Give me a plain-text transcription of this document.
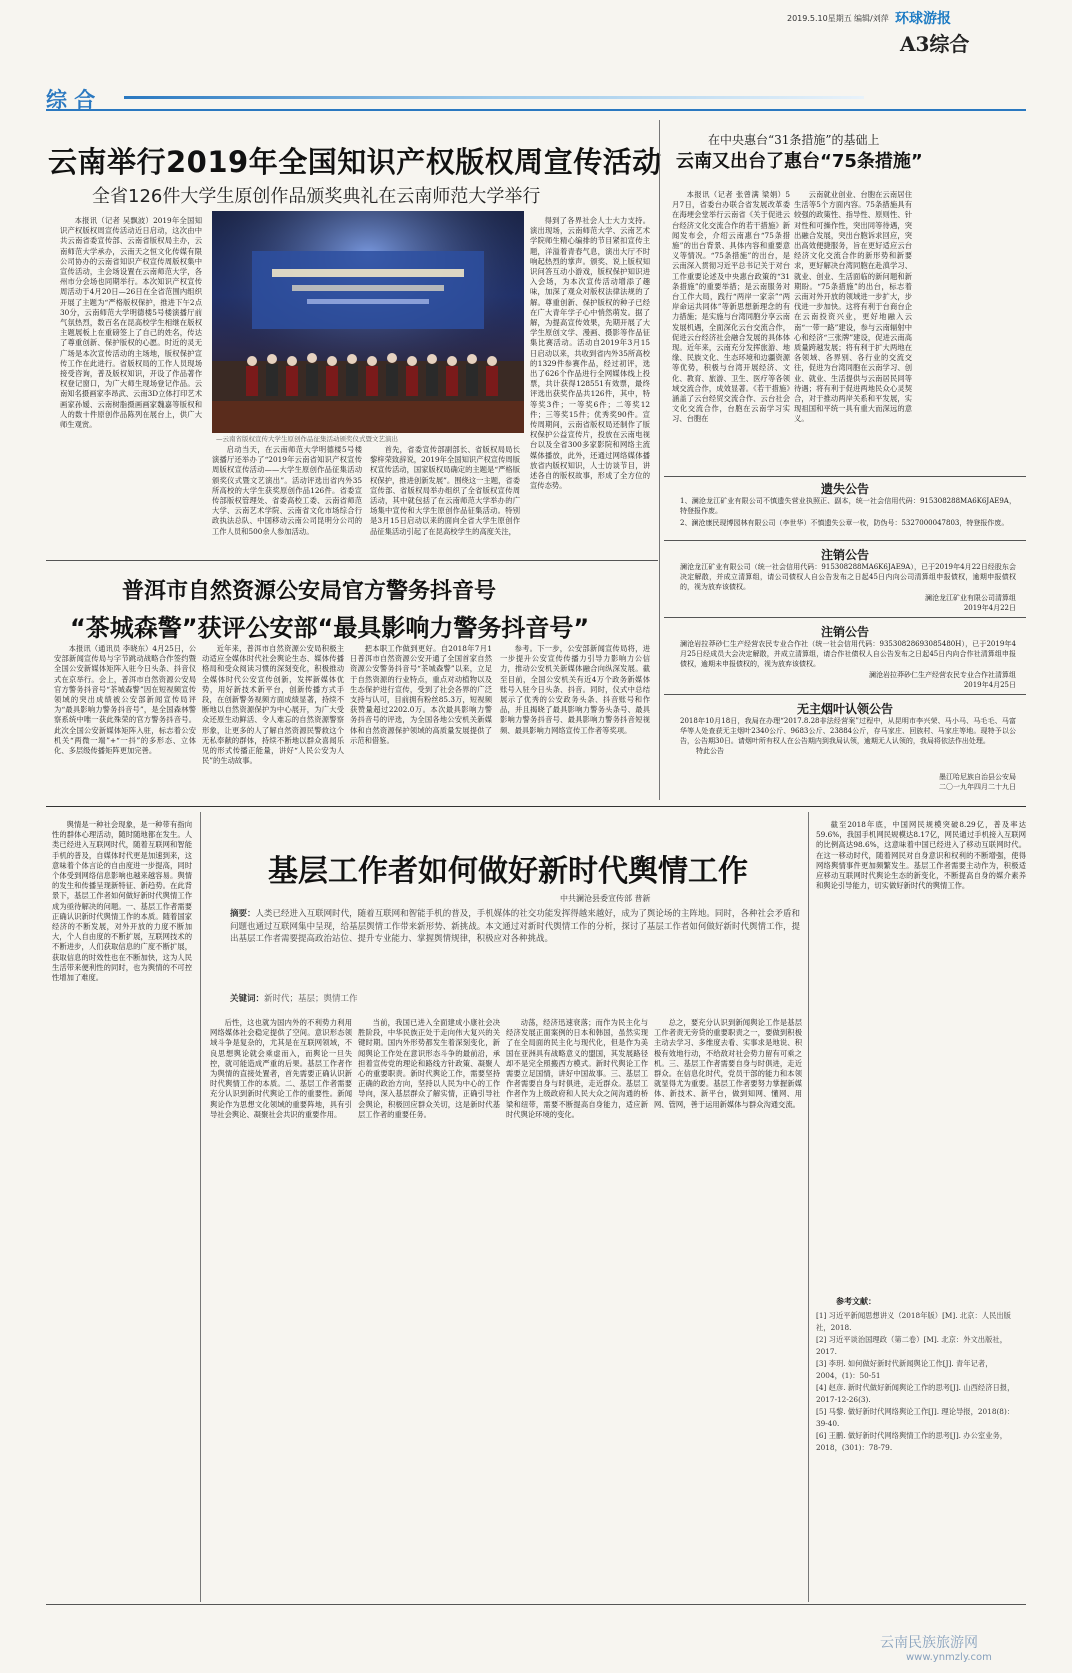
2019.5.10星期五 编辑/刘萍 环球游报
综 合
A3综合
云南举行2019年全国知识产权版权周宣传活动
全省126件大学生原创作品颁奖典礼在云南师范大学举行

本报讯（记者 吴飘波）2019年全国知识产权版权周宣传活动近日启动，这次由中共云南省委宣传部、云南省版权局主办，云南师范大学承办，云南天之恒文化传媒有限公司协办的云南省知识产权宣传周版权集中宣传活动，主会场设置在云南师范大学，各州市分会场也同期举行。本次知识产权宣传周活动于4月20日—26日在全省范围内组织开展了主题为“严格版权保护，推进下午2点30分，云南师范大学明德楼5号楼演播厅前气氛热烈，数百名在昆高校学生相继在版权主题展板上在重磅签上了自己的姓名，传达了尊重创新、保护版权的心愿。时近的灵无广场是本次宣传活动的主场地，版权保护宣传工作在此进行。省版权局的工作人员现场接受咨询，普及版权知识，开设了作品著作权登记窗口，为广大师生现场登记作品。云南知名摄画家李昂武、云南3D立体打印艺术画家孙嫒、云南树脂摄画画家魏嘉等版权和人的数十件原创作品陈列在展台上，供广大师生观赏。

—云南省版权宣传大学生原创作品征集活动颁奖仪式暨文艺演出

启动当天，在云南师范大学明德楼5号楼演播厅还举办了“2019年云南省知识产权宣传周版权宣传活动——大学生原创作品征集活动颁奖仪式暨文艺演出”。活动评选出省内外35所高校的大学生获奖原创作品126件。省委宣传部版权管理处、省委高校工委、云南省师范大学、云南艺术学院、云南省文化市场综合行政执法总队、中国移动云南公司昆明分公司的工作人员和500余人参加活动。

首先，省委宣传部副部长、省版权局局长黎梓荣致辞说，2019年全国知识产权宣传周版权宣传活动，国家版权局确定的主题是“严格版权保护，推进创新发展”。围绕这一主题，省委宣传部、省版权局举办组织了全省版权宣传周活动，其中就包括了在云南师范大学举办的广场集中宣传和大学生原创作品征集活动。特别是3月15日启动以来的面向全省大学生原创作品征集活动引起了在昆高校学生的高度关注，

得到了各界社会人士大力支持。演出现场，云南师范大学、云南艺术学院师生精心编排的节目紧扣宣传主题，洋溢着青春气息，演出大厅不时响起热烈的掌声。颁奖、说上版权知识问答互动小游戏，版权保护知识进入会场，为本次宣传活动增添了趣味，加深了观众对版权法律法规的了解。尊重创新、保护版权的种子已经在广大青年学子心中悄然萌发。据了解，为提高宣传效果，先期开展了大学生原创文学、漫画、摄影等作品征集比赛活动。活动自2019年3月15日启动以来，共收到省内外35所高校的1329件参赛作品，经过初评，选出了626个作品进行全网媒体线上投票，共计获得128551有效票，最终评选出获奖作品共126件，其中，特等奖3件；一等奖6件；二等奖12件；三等奖15件；优秀奖90件。宣传周期间，云南省版权局还制作了版权保护公益宣传片，投放在云南电视台以及全省300多家影院和网络主流媒体播放，此外，还通过网络媒体播放省内版权知识，人士访谈节目，讲述各自的版权故事，形成了全方位的宣传态势。

在中央惠台“31条措施”的基础上
云南又出台了惠台“75条措施”

本报讯（记者 张曾满 梁娟）5月7日，省委台办联合省发展改革委在海埂会堂举行云南省《关于促进云台经济文化交流合作的若干措施》新闻发布会，介绍云南惠台“75条措施”的出台背景、具体内容和重要意义等情况。“75条措施”的出台，是云南深入贯彻习近平总书记关于对台工作重要论述及中央惠台政策的“31条措施”的重要举措；是云南服务对台工作大局，践行“两岸一家亲”“两岸命运共同体”等新思想新理念的有力措施；是实施与台湾同胞分享云南发展机遇，全面深化云台交流合作，促进云台经济社会融合发展的具体体现。近年来，云南充分发挥旅游、地缘、民族文化、生态环境和边疆资源等优势，积极与台湾开展经济、文化、教育、旅游、卫生、医疗等各领域交流合作，成效显著。《若干措施》涵盖了云台经贸交流合作、云台社会文化交流合作，台胞在云南学习实习、台胞在

云南就业创业、台胞在云南居住生活等5个方面内容。75条措施具有较强的政策性、指导性、原则性、针对性和可操作性，突出同等待遇，突出融合发展，突出台胞诉求回应，突出高效便捷服务，旨在更好适应云台经济文化交流合作的新形势和新要求，更好解决台湾同胞在赴滇学习、就业、创业、生活面临的新问题和新期盼。“75条措施”的出台，标志着云南对外开放的领域进一步扩大，步伐进一步加快。这将有利于台商台企在云南投资兴业，更好地融入云南“一带一路”建设，参与云南辐射中心和经济“三张牌”建设，促进云南高质量跨越发展；将有利于扩大两地在各领域、各界别、各行业的交流交往，促进为台湾同胞在云南学习、创业、就业、生活提供与云南居民同等待遇；将有利于促进两地民众心灵契合，对于推动两岸关系和平发展，实现祖国和平统一具有重大而深远的意义。

遗失公告
1、澜沧龙江矿业有限公司不慎遗失营业执照正、副本，统一社会信用代码：915308288MA6K6JAE9A，特登报作废。
2、澜沧康民现博园林有限公司（李世华）不慎遗失公章一枚，防伪号：5327000047803，特登报作废。
注销公告
澜沧龙江矿业有限公司（统一社会信用代码：915308288MA6K6JAE9A），已于2019年4月22日经股东会决定解散，并成立清算组，请公司债权人自公告发布之日起45日内向公司清算组申报债权，逾期申报债权的，视为放弃该债权。
澜沧龙江矿业有限公司清算组
2019年4月22日
注销公告
澜沧岩拉莽砂仁生产经营农民专业合作社（统一社会信用代码：93530828693085480H），已于2019年4月25日经成员大会决定解散，并成立清算组，请合作社债权人自公告发布之日起45日内向合作社清算组申报债权，逾期未申报债权的，视为放弃该债权。
澜沧岩拉莽砂仁生产经营农民专业合作社清算组
2019年4月25日
无主烟叶认领公告
2018年10月18日，我局在办理“2017.8.28非法经营案”过程中，从昆明市李兴荣、马小马、马毛毛、马富华等人处查获无主烟叶2340公斤、9683公斤、23884公斤，存马家庄、回族村、马家庄等地。现特予以公告，公告期30日。请烟叶所有权人在公告期内到我局认领，逾期无人认领的，我局将依法作出处理。
特此公告
墨江哈尼族自治县公安局
二〇一九年四月二十九日
普洱市自然资源公安局官方警务抖音号
“茶城森警”获评公安部“最具影响力警务抖音号”

本报讯（通讯员 李晓东）4月25日，公安部新闻宣传局与字节跳动战略合作签约暨全国公安新媒体矩阵入驻今日头条、抖音仪式在京举行。会上，普洱市自然资源公安局官方警务抖音号“茶城森警”因在短视频宣传领域的突出成绩被公安部新闻宣传局评为“最具影响力警务抖音号”，是全国森林警察系统中唯一获此殊荣的官方警务抖音号。此次全国公安新媒体矩阵入驻，标志着公安机关“两微一端”+“一抖”的多形态、立体化、多层级传播矩阵更加完善。

近年来，普洱市自然资源公安局积极主动适应全媒体时代社会舆论生态、媒体传播格局和受众阅读习惯的深刻变化，积极推动全媒体时代公安宣传创新，发挥新媒体优势，用好新技术新平台，创新传播方式手段，在创新警务视频方面成绩显著，持续不断地以自然资源保护为中心展开，为广大受众还原生动鲜活、令人难忘的自然资源警察形象，让更多的人了解自然资源民警救这个无私奉献的群体，持续不断地以群众喜闻乐见的形式传播正能量，讲好“人民公安为人民”的生动故事。

把本职工作做到更好。自2018年7月1日普洱市自然资源公安开通了全国首家自然资源公安警务抖音号“茶城森警”以来，立足于自然资源的行业特点，重点对动植物以及生态保护进行宣传，受到了社会各界的广泛支持与认可，目前拥有粉丝85.3万，短视频获赞量超过2202.0万。本次最具影响力警务抖音号的评选，为全国各地公安机关新媒体和自然资源保护领域的高质量发展提供了示范和借鉴。

参考。下一步，公安部新闻宣传局将，进一步提升公安宣传传播力引导力影响力公信力，推动公安机关新媒体融合向纵深发展。截至目前，全国公安机关有近4万个政务新媒体账号入驻今日头条、抖音。同时，仪式中总结展示了优秀的公安政务头条、抖音账号和作品，并且揭晓了最具影响力警务头条号、最具影响力警务抖音号、最具影响力警务抖音短视频、最具影响力网络宣传工作者等奖项。

舆情是一种社会现象，是一种带有指向性的群体心理活动，随时随地都在发生。人类已经进入互联网时代，随着互联网和智能手机的普及，自媒体时代更是加速到来，这意味着个体言论的自由度进一步提高，同时个体受到网络信息影响也越来越容易。舆情的发生和传播呈现新特征、新趋势。在此背景下，基层工作者如何做好新时代舆情工作成为亟待解决的问题。一、基层工作者需要正确认识新时代舆情工作的本质。随着国家经济的不断发展，对外开放的力度不断加大，个人自由度的不断扩展，互联网技术的不断进步，人们获取信息的广度不断扩展，获取信息的时效性也在不断加快，这为人民生活带来便利性的同时，也为舆情的不可控性增加了难度。

基层工作者如何做好新时代舆情工作
中共澜沧县委宣传部 普新
摘要：人类已经进入互联网时代，随着互联网和智能手机的普及，手机媒体的社交功能发挥得越来越好，成为了舆论场的主阵地。同时，各种社会矛盾和问题也通过互联网集中呈现，给基层舆情工作带来新形势、新挑战。本文通过对新时代舆情工作的分析，探讨了基层工作者如何做好新时代舆情工作，提出基层工作者需要提高政治站位、提升专业能力、掌握舆情规律，积极应对各种挑战。
关键词：新时代；基层；舆情工作

后性，这也就为国内外的不利势力利用网络媒体社会稳定提供了空间。意识形态领域斗争是复杂的，尤其是在互联网领域，不良思想舆论就会乘虚而入，而舆论一旦失控，就可能造成严重的后果。基层工作者作为舆情的直接处置者，首先需要正确认识新时代舆情工作的本质。二、基层工作者需要充分认识到新时代舆论工作的重要性。新闻舆论作为思想文化领域的重要阵地，具有引导社会舆论、凝聚社会共识的重要作用。

当前，我国已进入全面建成小康社会决胜阶段，中华民族正处于走向伟大复兴的关键时期。国内外形势都发生着深刻变化，新闻舆论工作处在意识形态斗争的最前沿，承担着宣传党的理论和路线方针政策、凝聚人心的重要职责。新时代舆论工作，需要坚持正确的政治方向，坚持以人民为中心的工作导向，深入基层群众了解实情，正确引导社会舆论，积极回应群众关切，这是新时代基层工作者的重要任务。

动荡，经济迅速衰落；而作为民主化与经济发展正面案例的日本和韩国，虽然实现了在全局面的民主化与现代化，但是作为美国在亚洲具有战略意义的盟国，其发展路径却不是完全照搬西方模式。新时代舆论工作需要立足国情，讲好中国故事。三、基层工作者需要自身与时俱进，走近群众。基层工作者作为上级政府和人民大众之间沟通的桥梁和纽带，需要不断提高自身能力，适应新时代舆论环境的变化。

总之，要充分认识到新闻舆论工作是基层工作者责无旁贷的重要职责之一，要做到积极主动去学习、多维度去看、实事求是地说、积极有效地行动，不给敌对社会势力留有可乘之机。三、基层工作者需要自身与时俱进，走近群众。在信息化时代，党员干部的能力和本领就显得尤为重要。基层工作者要努力掌握新媒体、新技术、新平台，做到知网、懂网、用网、管网，善于运用新媒体与群众沟通交流。

截至2018年底，中国网民规模突破8.29亿，普及率达59.6%，我国手机网民规模达8.17亿，网民通过手机接入互联网的比例高达98.6%，这意味着中国已经进入了移动互联网时代。在这一移动时代，随着网民对自身意识和权利的不断增强，使得网络舆情事件更加频繁发生。基层工作者需要主动作为，积极适应移动互联网时代舆论生态的新变化，不断提高自身的媒介素养和舆论引导能力，切实做好新时代的舆情工作。

参考文献：
[1] 习近平新闻思想讲义（2018年版）[M]. 北京：人民出版社，2018.
[2] 习近平谈治国理政（第二卷）[M]. 北京：外文出版社，2017.
[3] 李玥. 如何做好新时代新闻舆论工作[J]. 青年记者，2004，(1)：50-51
[4] 赵彦. 新时代做好新闻舆论工作的思考[J]. 山西经济日报，2017-12-26(3).
[5] 马黎. 做好新时代网络舆论工作[J]. 理论导报，2018(8)：39-40.
[6] 王鹏. 做好新时代网络舆情工作的思考[J]. 办公室业务，2018，(301)：78-79.
云南民族旅游网
www.ynmzly.com
